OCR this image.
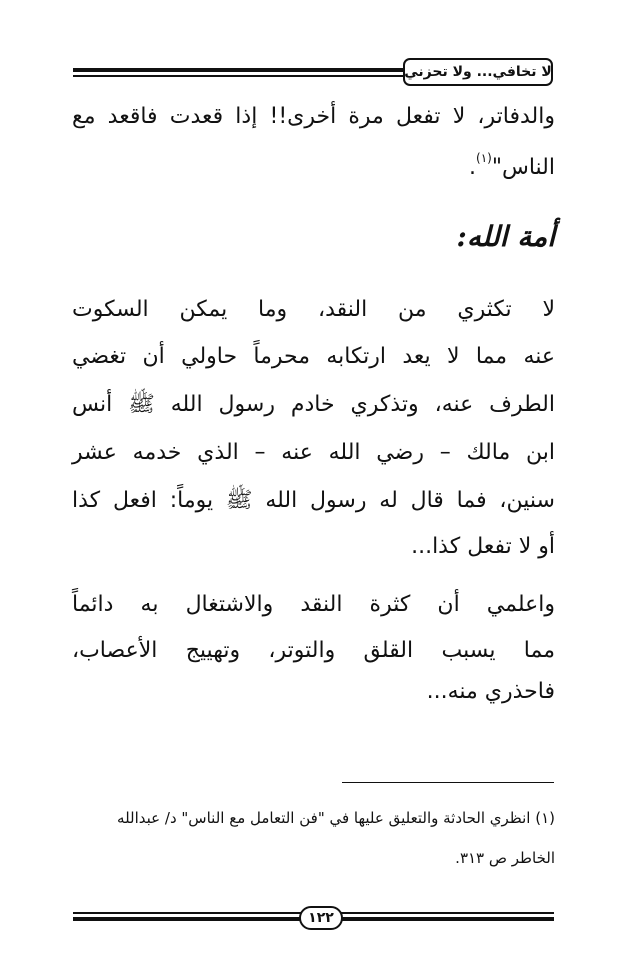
لا تخافي... ولا تحزني
والدفاتر، لا تفعل مرة أخرى!! إذا قعدت فاقعد مع
الناس"$^{(١)}$.
أمة الله:
لا تكثري من النقد، وما يمكن السكوت
عنه مما لا يعد ارتكابه محرماً حاولي أن تغضي
الطرف عنه، وتذكري خادم رسول الله ﷺ أنس
ابن مالك – رضي الله عنه – الذي خدمه عشر
سنين، فما قال له رسول الله ﷺ يوماً: افعل كذا
أو لا تفعل كذا...
واعلمي أن كثرة النقد والاشتغال به دائماً
مما يسبب القلق والتوتر، وتهييج الأعصاب،
فاحذري منه...
(١) انظري الحادثة والتعليق عليها في "فن التعامل مع الناس" د/ عبدالله
الخاطر ص ٣١٣.
١٢٢
